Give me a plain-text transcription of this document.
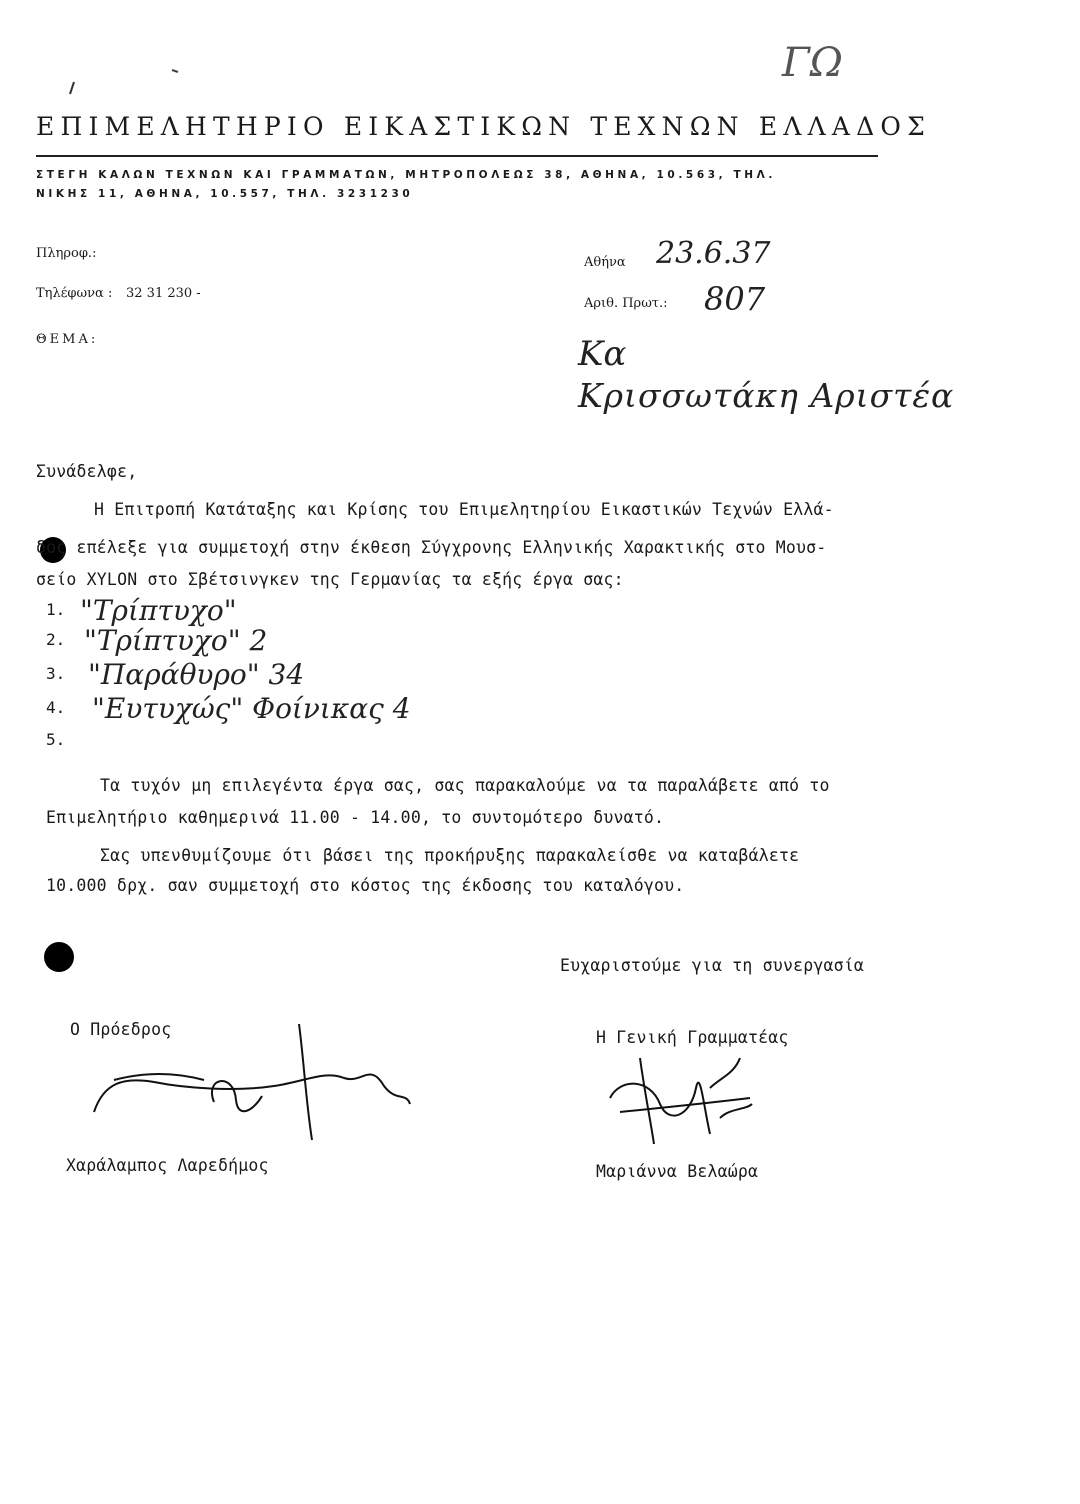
ΓΩ
ΕΠΙΜΕΛΗΤΗΡΙΟ ΕΙΚΑΣΤΙΚΩΝ ΤΕΧΝΩΝ ΕΛΛΑΔΟΣ
ΣΤΕΓΗ ΚΑΛΩΝ ΤΕΧΝΩΝ ΚΑΙ ΓΡΑΜΜΑΤΩΝ, ΜΗΤΡΟΠΟΛΕΩΣ 38, ΑΘΗΝΑ, 10.563, ΤΗΛ.
ΝΙΚΗΣ 11, ΑΘΗΝΑ, 10.557, ΤΗΛ. 3231230
Πληροφ.:
Τηλέφωνα : 32 31 230 -
ΘΕΜΑ:
Αθήνα 23.6.37
Αριθ. Πρωτ.: 807
Κα
Κρισσωτάκη Αριστέα
Συνάδελφε,
Η Επιτροπή Κατάταξης και Κρίσης του Επιμελητηρίου Εικαστικών Τεχνών Ελλά-
δος επέλεξε για συμμετοχή στην έκθεση Σύγχρονης Ελληνικής Χαρακτικής στο Μουσ-
σείο XYLON στο Σβέτσινγκεν της Γερμανίας τα εξής έργα σας:
1. "Τρίπτυχο"
2. "Τρίπτυχο" 2
3. "Παράθυρο" 34
4. "Ευτυχώς" Φοίνικας 4
5.
Τα τυχόν μη επιλεγέντα έργα σας, σας παρακαλούμε να τα παραλάβετε από το
Επιμελητήριο καθημερινά 11.00 - 14.00, το συντομότερο δυνατό.
Σας υπενθυμίζουμε ότι βάσει της προκήρυξης παρακαλείσθε να καταβάλετε
10.000 δρχ. σαν συμμετοχή στο κόστος της έκδοσης του καταλόγου.
Ευχαριστούμε για τη συνεργασία
Ο Πρόεδρος
Χαράλαμπος Λαρεδήμος
Η Γενική Γραμματέας
Μαριάννα Βελαώρα
